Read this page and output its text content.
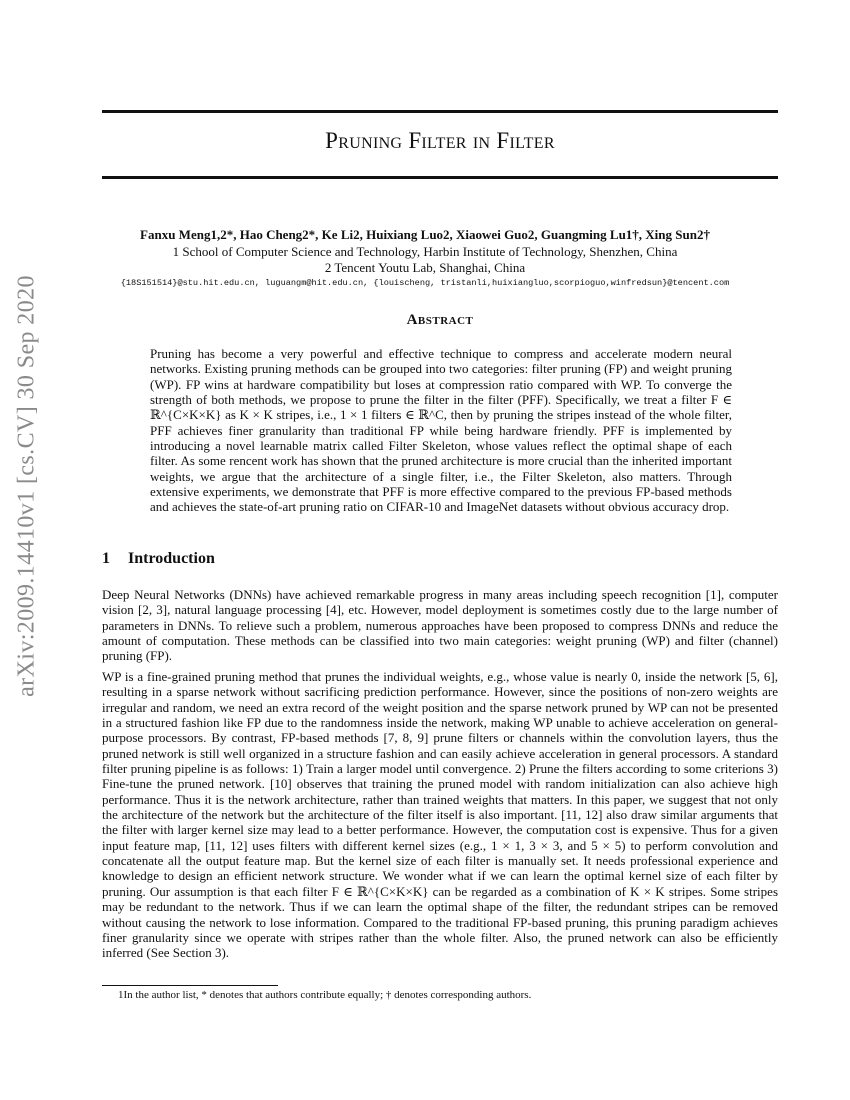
arXiv:2009.14410v1 [cs.CV] 30 Sep 2020
Pruning Filter in Filter
Fanxu Meng1,2*, Hao Cheng2*, Ke Li2, Huixiang Luo2, Xiaowei Guo2, Guangming Lu1†, Xing Sun2†
1 School of Computer Science and Technology, Harbin Institute of Technology, Shenzhen, China
2 Tencent Youtu Lab, Shanghai, China
{18S151514}@stu.hit.edu.cn, luguangm@hit.edu.cn, {louischeng, tristanli,huixiangluo,scorpioguo,winfredsun}@tencent.com
Abstract

Pruning has become a very powerful and effective technique to compress and accelerate modern neural networks. Existing pruning methods can be grouped into two categories: filter pruning (FP) and weight pruning (WP). FP wins at hardware compatibility but loses at compression ratio compared with WP. To converge the strength of both methods, we propose to prune the filter in the filter (PFF). Specifically, we treat a filter F ∈ ℝ^{C×K×K} as K × K stripes, i.e., 1 × 1 filters ∈ ℝ^C, then by pruning the stripes instead of the whole filter, PFF achieves finer granularity than traditional FP while being hardware friendly. PFF is implemented by introducing a novel learnable matrix called Filter Skeleton, whose values reflect the optimal shape of each filter. As some rencent work has shown that the pruned architecture is more crucial than the inherited important weights, we argue that the architecture of a single filter, i.e., the Filter Skeleton, also matters. Through extensive experiments, we demonstrate that PFF is more effective compared to the previous FP-based methods and achieves the state-of-art pruning ratio on CIFAR-10 and ImageNet datasets without obvious accuracy drop.

1 Introduction

Deep Neural Networks (DNNs) have achieved remarkable progress in many areas including speech recognition [1], computer vision [2, 3], natural language processing [4], etc. However, model deployment is sometimes costly due to the large number of parameters in DNNs. To relieve such a problem, numerous approaches have been proposed to compress DNNs and reduce the amount of computation. These methods can be classified into two main categories: weight pruning (WP) and filter (channel) pruning (FP).

WP is a fine-grained pruning method that prunes the individual weights, e.g., whose value is nearly 0, inside the network [5, 6], resulting in a sparse network without sacrificing prediction performance. However, since the positions of non-zero weights are irregular and random, we need an extra record of the weight position and the sparse network pruned by WP can not be presented in a structured fashion like FP due to the randomness inside the network, making WP unable to achieve acceleration on general-purpose processors. By contrast, FP-based methods [7, 8, 9] prune filters or channels within the convolution layers, thus the pruned network is still well organized in a structure fashion and can easily achieve acceleration in general processors. A standard filter pruning pipeline is as follows: 1) Train a larger model until convergence. 2) Prune the filters according to some criterions 3) Fine-tune the pruned network. [10] observes that training the pruned model with random initialization can also achieve high performance. Thus it is the network architecture, rather than trained weights that matters. In this paper, we suggest that not only the architecture of the network but the architecture of the filter itself is also important. [11, 12] also draw similar arguments that the filter with larger kernel size may lead to a better performance. However, the computation cost is expensive. Thus for a given input feature map, [11, 12] uses filters with different kernel sizes (e.g., 1 × 1, 3 × 3, and 5 × 5) to perform convolution and concatenate all the output feature map. But the kernel size of each filter is manually set. It needs professional experience and knowledge to design an efficient network structure. We wonder what if we can learn the optimal kernel size of each filter by pruning. Our assumption is that each filter F ∈ ℝ^{C×K×K} can be regarded as a combination of K × K stripes. Some stripes may be redundant to the network. Thus if we can learn the optimal shape of the filter, the redundant stripes can be removed without causing the network to lose information. Compared to the traditional FP-based pruning, this pruning paradigm achieves finer granularity since we operate with stripes rather than the whole filter. Also, the pruned network can also be efficiently inferred (See Section 3).

1In the author list, * denotes that authors contribute equally; † denotes corresponding authors.
